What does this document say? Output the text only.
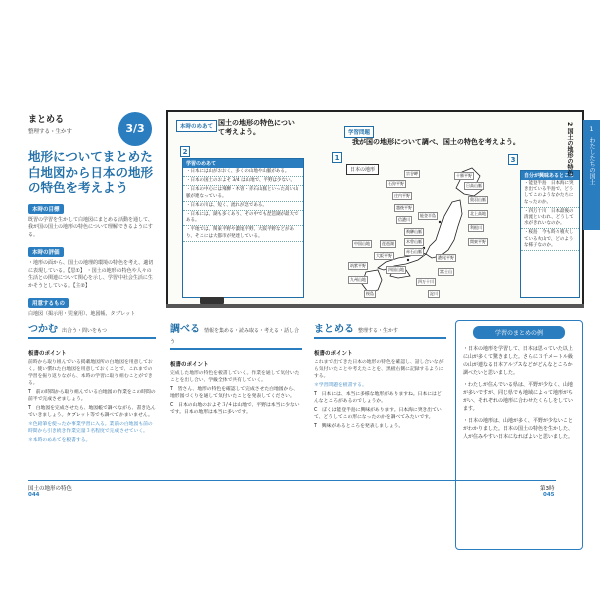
まとめる
整理する・生かす	3/3
地形についてまとめた白地図から日本の地形の特色を考えよう
本時の目標
既習の学習を生かして白地図にまとめる活動を通して、我が国の国土の地形の特色について理解できるようにする。
本時の評価
・地形の面から、国土の地理的環境の特色を考え、適切に表現している。【思①】 ・国土の地形の特色や人々の生活との関連について関心を示し、学習中社会生活に生かそうとしている。【主②】
用意するもの
白地図（掲示用・児童用）、地図帳、タブレット
本時のめあて 国土の地形の特色について考えよう。
2
学習のめあて
・日本には山がおおく、多くの山地や山脈がある。
・日本の国土のおよそ 3/4 は山地で、平野は少ない。
・日本の中心には飛騨・木曽・赤石山脈といった高い山脈が連なっている。
・日本の川は、短く、流れが急である。
・日本には、湖も多くあり、その中でも琵琶湖が最大である。
・平地では、関東平野や濃尾平野、大阪平野などがあり、そこには大都市が発達している。
学習問題
我が国の地形について調べ、国土の特色を考えよう。
1
日本の地形
宗谷岬
石狩平野	日高山脈
奥羽山脈
十勝平野
北上高地
越後平野
庄内平野
信濃川
利根川
関東平野
飛騨山脈
木曽山脈
赤石山脈
濃尾平野
琵琶湖
大阪平野
中国山地
四国山地
筑紫平野
九州山地
桜島
富士山
能登半島
四万十川
淀川
3
自分が興味あるところ
・能登半島　日本海に突き出ている半島で、どうしてこのようなかたちになったのか。
・四万十川　日本最後の清流といわれ、どうして水がきれいなのか。
・桜島　今も時々噴火している火山で、どのような様子なのか。
つかむ 出合う・問いをもつ
板書のポイント
前時から取り組んでいる掲載地図所の白地図を用意しておく。使い慣れた白地図を用意しておくことで、これまでの学習を振り返りながら、本時の学習に取り組むことができる。
T　前の時間から取り組んでいる白地図の作業をこの時間の前半で完成させましょう。
T　白地図を完成させたら、地図帳で調べながら、書き込んでいきましょう。タブレット等でも調べてかまいません。
＊色鉛筆を使ったか事業学習に入る。業前の白地図も前の時間から引き続き作業完量３名程度で完成させていく。
＊本時のめあてを板書する。
調べる 情報を集める・読み取る・考える・話し合う
板書のポイント
完成した地形の特色を板書していく。作業を通して気付いたことを出し合い、学級全体で共有していく。
T　皆さん、地形の特色を確認して完成させた白地図から、地形図づくりを通して気付いたことを発表してください。
C　日本の山地のおよそ３/４は山地で、平野は本当に少ないです。日本の地形は本当に多いです。
まとめる 整理する・生かす
板書のポイント
これまで出てきた日本の地形の特色を確認し、話し合いながら気付いたことや考えたことを、黒板右側に記録するようにする。
＊学習問題を板書する。
T　日本には、本当に多様な地形がありますね。日本にはどんなところがあるのでしょうか。
C　ぼくは能登半島に興味があります。日本海に突き出ていて、どうしてこの形になったのかを調べてみたいです。
T　興味があるところを発表しましょう。
学習のまとめの例

・日本の地形を学習して、日本は思っていた以上に山が多くて驚きました。さらに３千メートル級の山が連なる日本アルプスなどがどんなところか調べたいと思いました。

・わたしが住んでいる県は、平野が少なく、山地が多いですが、同じ県でも地域によって地形がちがい、それぞれの地形に合わせたくらしをしています。

・日本の地形は、山地が多く、平野が少ないことがわかりました。日本の国土の特色を生かした、人が住みやすい日本になればよいと思いました。

1
わたしたちの国土
2 国土の地形の特色
国土の地形の特色
044
第3時
045
